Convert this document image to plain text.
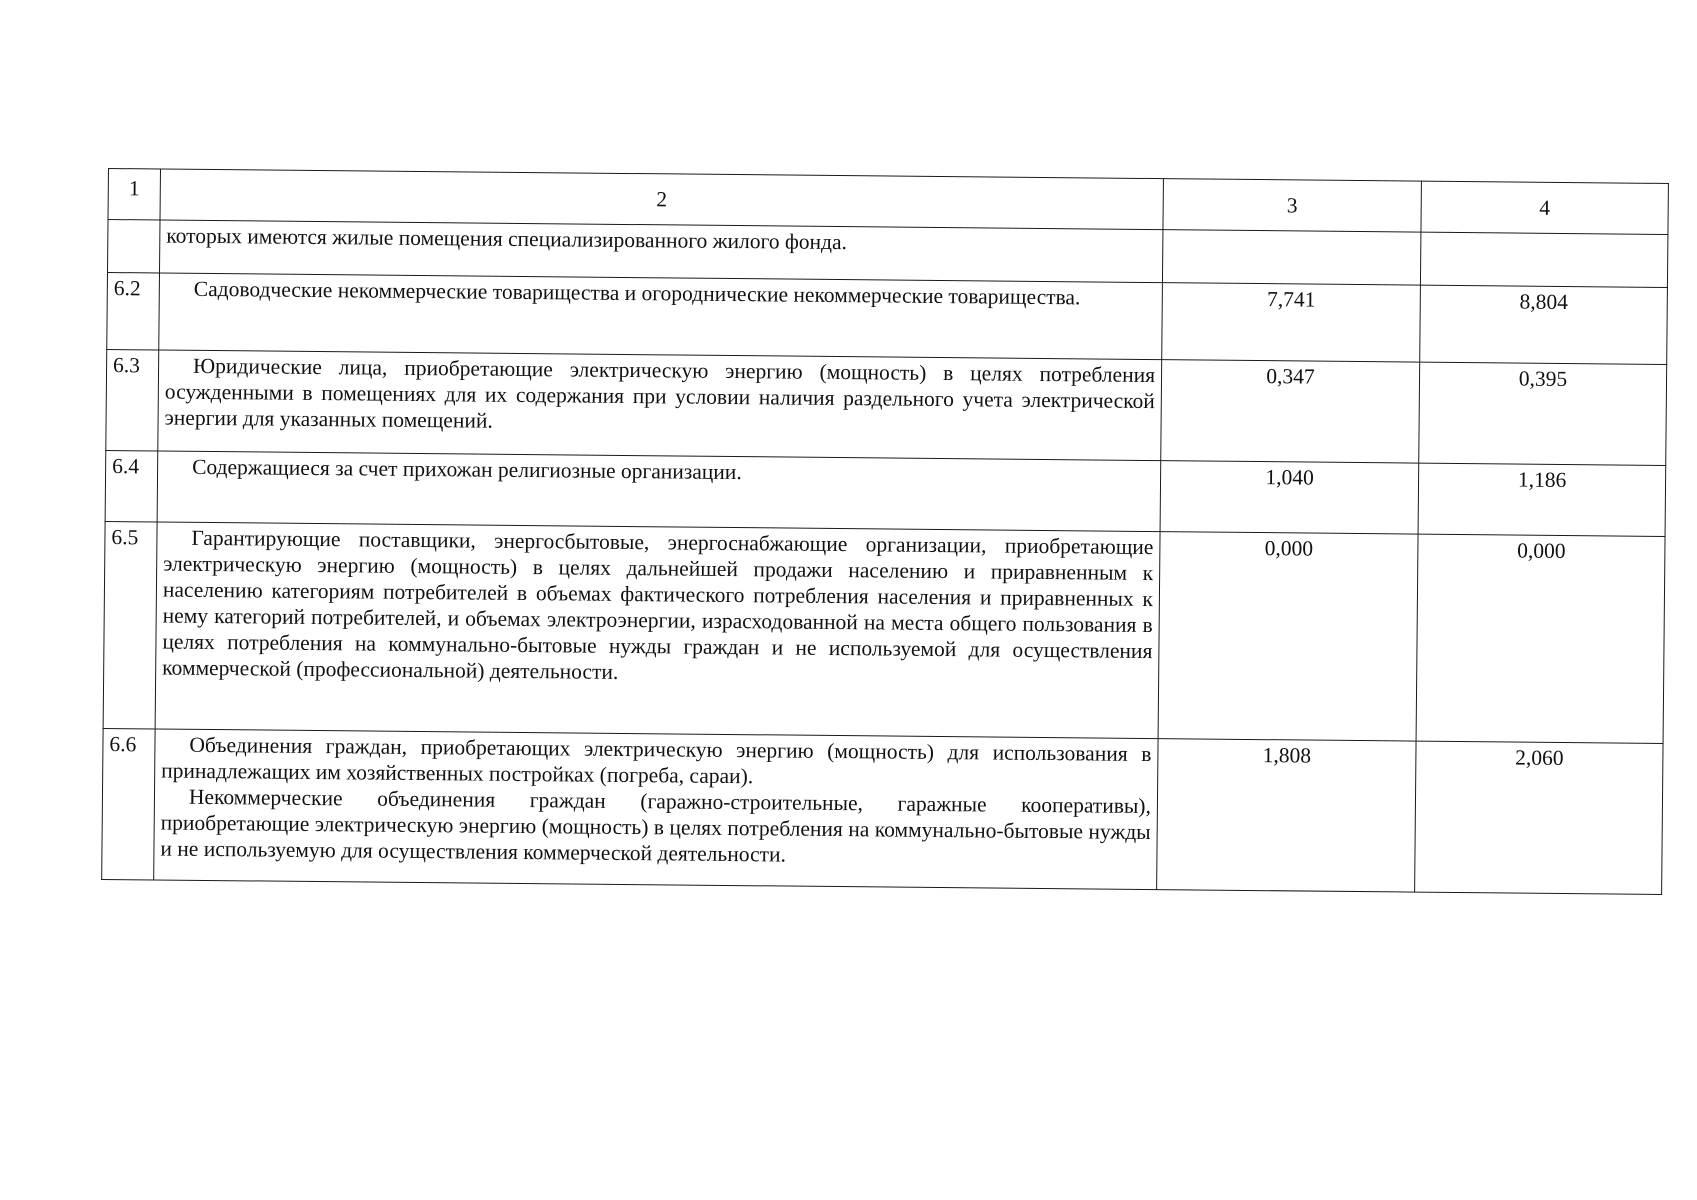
1	2	3	4

	которых имеются жилые помещения специализированного жилого фонда.		

6.2	Садоводческие некоммерческие товарищества и огороднические некоммерческие товарищества.	7,741	8,804
6.3	Юридические лица, приобретающие электрическую энергию (мощность) в целях потребления осужденными в помещениях для их содержания при условии наличия раздельного учета электрической энергии для указанных помещений.	0,347	0,395
6.4	Содержащиеся за счет прихожан религиозные организации.	1,040	1,186
6.5	Гарантирующие поставщики, энергосбытовые, энергоснабжающие организации, приобретающие электрическую энергию (мощность) в целях дальнейшей продажи населению и приравненным к населению категориям потребителей в объемах фактического потребления населения и приравненных к нему категорий потребителей, и объемах электроэнергии, израсходованной на места общего пользования в целях потребления на коммунально-бытовые нужды граждан и не используемой для осуществления коммерческой (профессиональной) деятельности.	0,000	0,000
6.6	Объединения граждан, приобретающих электрическую энергию (мощность) для использования в принадлежащих им хозяйственных постройках (погреба, сараи).
Некоммерческие объединения граждан (гаражно-строительные, гаражные кооперативы), приобретающие электрическую энергию (мощность) в целях потребления на коммунально-бытовые нужды и не используемую для осуществления коммерческой деятельности.	1,808	2,060
